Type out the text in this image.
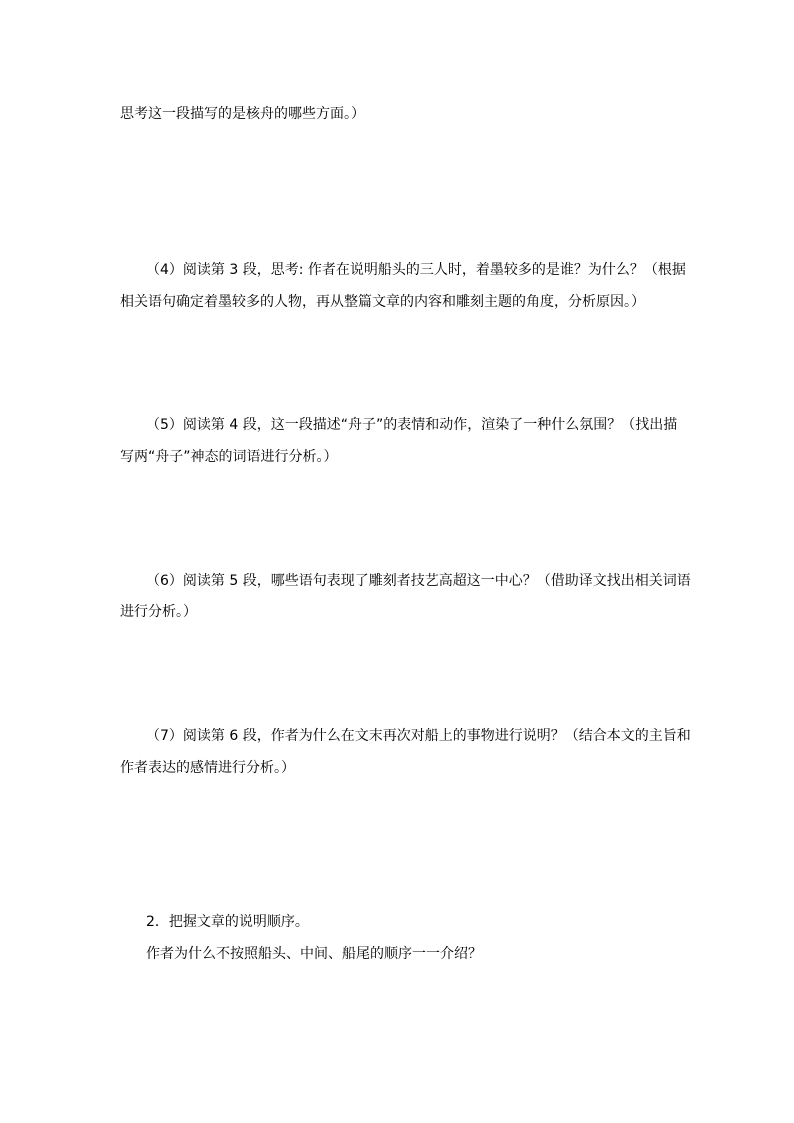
思考这一段描写的是核舟的哪些方面。）
（4）阅读第 3 段，思考: 作者在说明船头的三人时，着墨较多的是谁？为什么？（根据
相关语句确定着墨较多的人物，再从整篇文章的内容和雕刻主题的角度，分析原因。）
（5）阅读第 4 段，这一段描述“舟子”的表情和动作，渲染了一种什么氛围？（找出描
写两“舟子”神态的词语进行分析。）
（6）阅读第 5 段，哪些语句表现了雕刻者技艺高超这一中心？（借助译文找出相关词语
进行分析。）
（7）阅读第 6 段，作者为什么在文末再次对船上的事物进行说明？（结合本文的主旨和
作者表达的感情进行分析。）
2．把握文章的说明顺序。
作者为什么不按照船头、中间、船尾的顺序一一介绍？
